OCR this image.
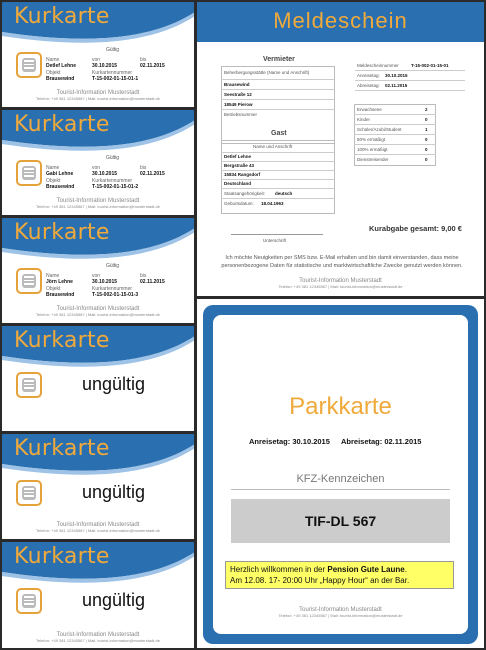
Kurkarte
Gültig
Name	von	bis
Detlef Lehne	30.10.2015	02.11.2015
Objekt	Kurkartennummer
Brausewind	T-15-002-01-15-01-1
Tourist-Information Musterstadt
Telefon: +49 381 12345567 | Mail: tourist-information@musterstadt.de
Kurkarte
Gültig
Name	von	bis
Gabi Lehne	30.10.2015	02.11.2015
Objekt	Kurkartennummer
Brausewind	T-15-002-01-15-01-2
Tourist-Information Musterstadt
Telefon: +49 381 12345567 | Mail: tourist-information@musterstadt.de
Kurkarte
Gültig
Name	von	bis
Jörn Lehne	30.10.2015	02.11.2015
Objekt	Kurkartennummer
Brausewind	T-15-002-01-15-01-3
Tourist-Information Musterstadt
Telefon: +49 381 12345567 | Mail: tourist-information@musterstadt.de
Kurkarte
ungültig
Kurkarte
ungültig
Tourist-Information Musterstadt
Telefon: +49 381 12345567 | Mail: tourist-information@musterstadt.de
Kurkarte
ungültig
Tourist-Information Musterstadt
Telefon: +49 381 12345567 | Mail: tourist-information@musterstadt.de
Meldeschein
Vermieter
Beherbergungsstätte (Name und Anschrift)
Brausewind
Seestraße 12
18549 Pierow
Betriebsnummer
Gast
Name und Anschrift
Detlef Lehne
Bergstraße 43
15834 Rangsdorf
Deutschland
Staatsangehörigkeit: deutsch
Geburtsdatum: 18.04.1963
Meldescheinnummer	T-15-002-01-15-01
Anreisetag: 30.10.2015
Abreisetag: 02.11.2015
Erwachsene	2
Kinder	0
Schüler/Azubi/Student	1
50% ermäßigt	0
100% ermäßigt	0
Dienstreisender	0
Kurabgabe gesamt: 9,00 €
Unterschrift
Ich möchte Neuigkeiten per SMS bzw. E-Mail erhalten und bin damit einverstanden, dass meine personenbezogene Daten für statistische und marktwirtschaftliche Zwecke genutzt werden können.
Tourist-Information Musterstadt
Telefon: +49 381 12345567 | Mail: tourist-information@musterstadt.de
Parkkarte
Anreisetag: 30.10.2015 Abreisetag: 02.11.2015
KFZ-Kennzeichen
TIF-DL 567
Herzlich willkommen in der Pension Gute Laune.
Am 12.08. 17- 20:00 Uhr „Happy Hour“ an der Bar.
Tourist-Information Musterstadt
Telefon: +49 381 12345567 | Mail: tourist-information@musterstadt.de
